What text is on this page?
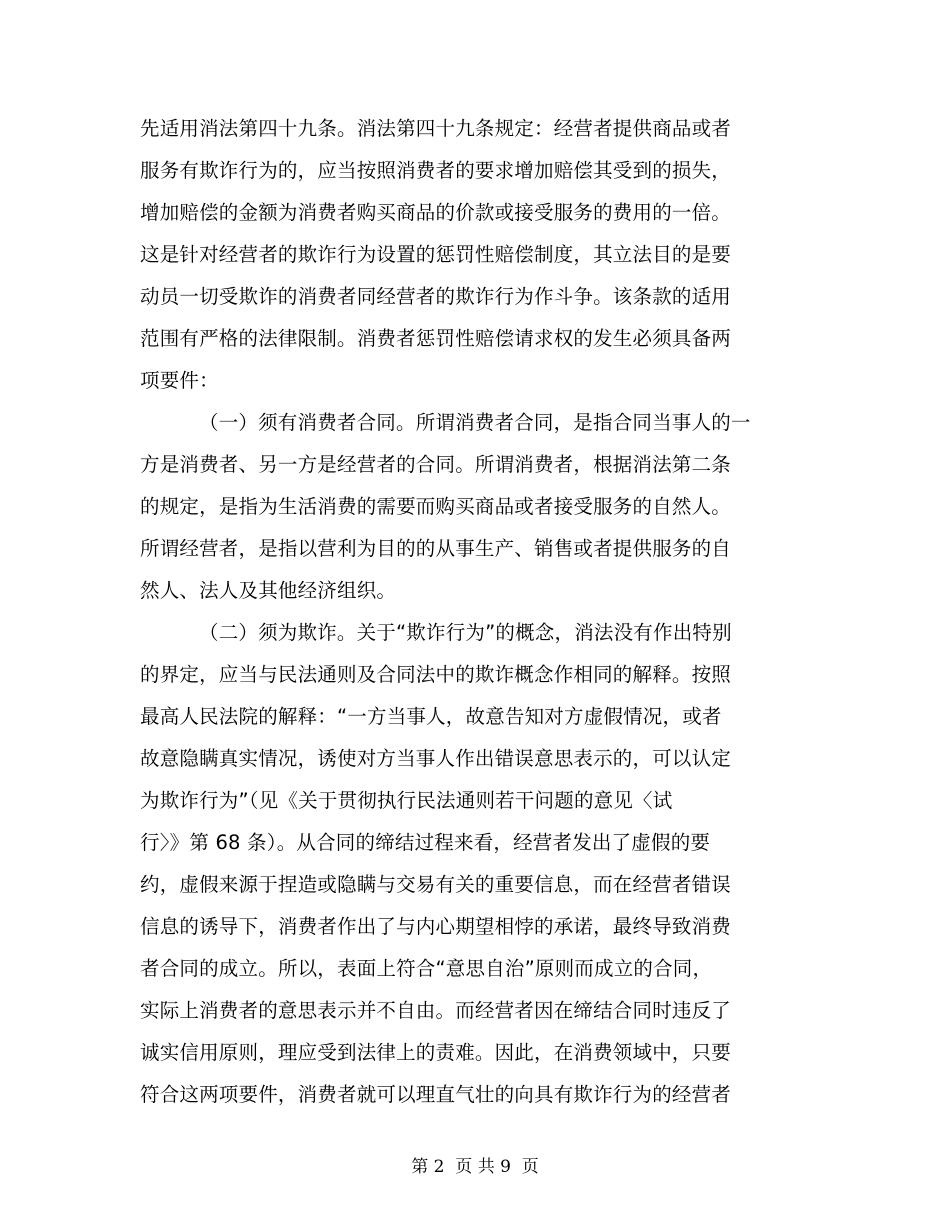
先适用消法第四十九条。消法第四十九条规定：经营者提供商品或者
服务有欺诈行为的，应当按照消费者的要求增加赔偿其受到的损失，
增加赔偿的金额为消费者购买商品的价款或接受服务的费用的一倍。
这是针对经营者的欺诈行为设置的惩罚性赔偿制度，其立法目的是要
动员一切受欺诈的消费者同经营者的欺诈行为作斗争。该条款的适用
范围有严格的法律限制。消费者惩罚性赔偿请求权的发生必须具备两
项要件：
（一）须有消费者合同。所谓消费者合同，是指合同当事人的一
方是消费者、另一方是经营者的合同。所谓消费者，根据消法第二条
的规定，是指为生活消费的需要而购买商品或者接受服务的自然人。
所谓经营者，是指以营利为目的的从事生产、销售或者提供服务的自
然人、法人及其他经济组织。
（二）须为欺诈。关于“欺诈行为”的概念，消法没有作出特别
的界定，应当与民法通则及合同法中的欺诈概念作相同的解释。按照
最高人民法院的解释：“一方当事人，故意告知对方虚假情况，或者
故意隐瞒真实情况，诱使对方当事人作出错误意思表示的，可以认定
为欺诈行为”（见《关于贯彻执行民法通则若干问题的意见〈试
行〉》第 68 条）。从合同的缔结过程来看，经营者发出了虚假的要
约，虚假来源于捏造或隐瞒与交易有关的重要信息，而在经营者错误
信息的诱导下，消费者作出了与内心期望相悖的承诺，最终导致消费
者合同的成立。所以，表面上符合“意思自治”原则而成立的合同，
实际上消费者的意思表示并不自由。而经营者因在缔结合同时违反了
诚实信用原则，理应受到法律上的责难。因此，在消费领域中，只要
符合这两项要件，消费者就可以理直气壮的向具有欺诈行为的经营者
第 2  页 共 9  页
